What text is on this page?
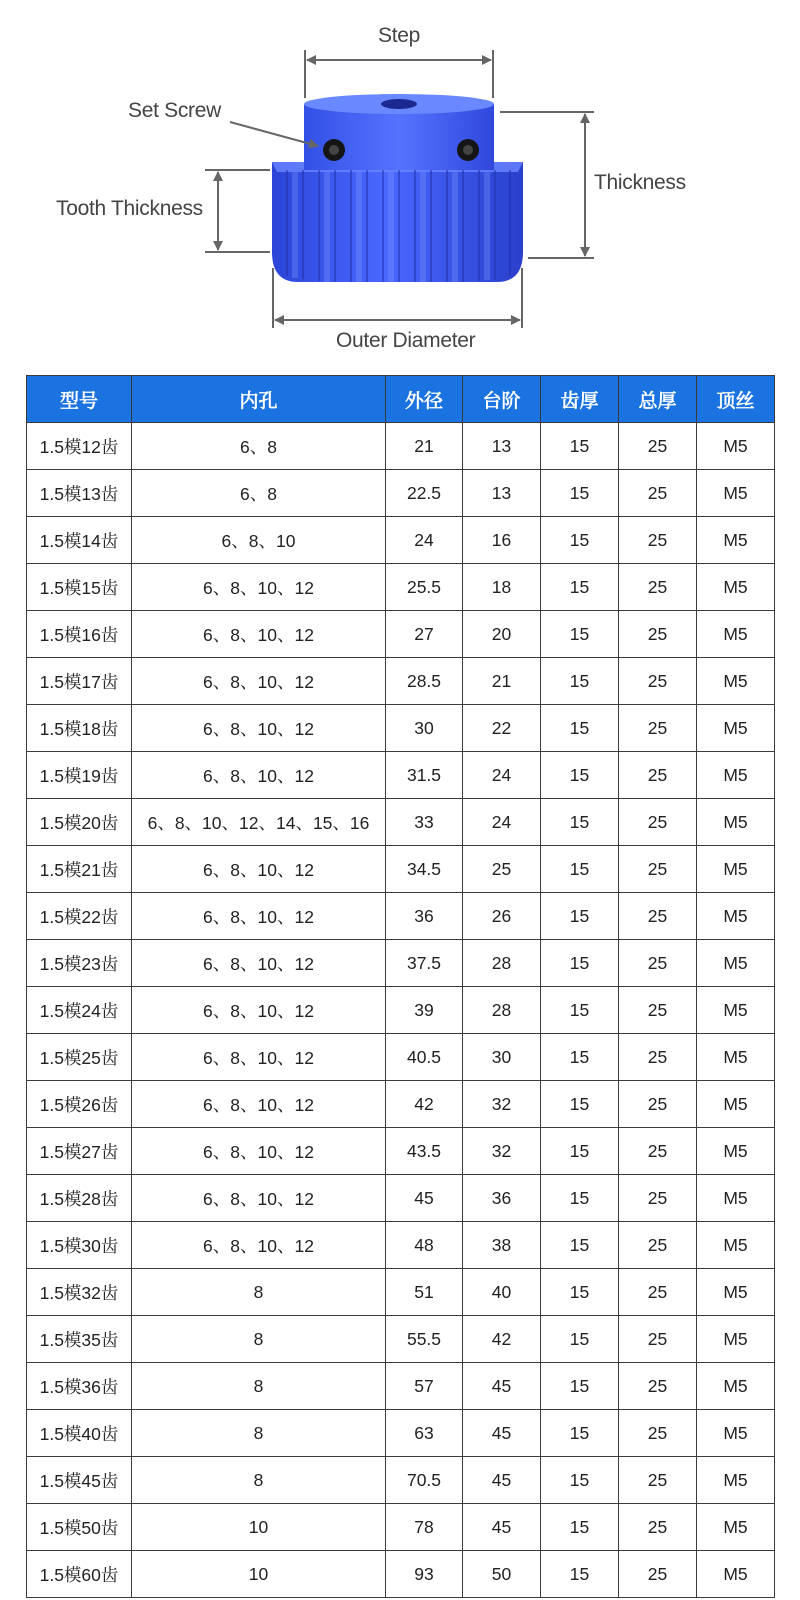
Step
Set Screw
Tooth Thickness
Thickness
Outer Diameter
型号	内孔	外径	台阶	齿厚	总厚	顶丝
1.5模12齿	6、8	21	13	15	25	M5
1.5模13齿	6、8	22.5	13	15	25	M5
1.5模14齿	6、8、10	24	16	15	25	M5
1.5模15齿	6、8、10、12	25.5	18	15	25	M5
1.5模16齿	6、8、10、12	27	20	15	25	M5
1.5模17齿	6、8、10、12	28.5	21	15	25	M5
1.5模18齿	6、8、10、12	30	22	15	25	M5
1.5模19齿	6、8、10、12	31.5	24	15	25	M5
1.5模20齿	6、8、10、12、14、15、16	33	24	15	25	M5
1.5模21齿	6、8、10、12	34.5	25	15	25	M5
1.5模22齿	6、8、10、12	36	26	15	25	M5
1.5模23齿	6、8、10、12	37.5	28	15	25	M5
1.5模24齿	6、8、10、12	39	28	15	25	M5
1.5模25齿	6、8、10、12	40.5	30	15	25	M5
1.5模26齿	6、8、10、12	42	32	15	25	M5
1.5模27齿	6、8、10、12	43.5	32	15	25	M5
1.5模28齿	6、8、10、12	45	36	15	25	M5
1.5模30齿	6、8、10、12	48	38	15	25	M5
1.5模32齿	8	51	40	15	25	M5
1.5模35齿	8	55.5	42	15	25	M5
1.5模36齿	8	57	45	15	25	M5
1.5模40齿	8	63	45	15	25	M5
1.5模45齿	8	70.5	45	15	25	M5
1.5模50齿	10	78	45	15	25	M5
1.5模60齿	10	93	50	15	25	M5
